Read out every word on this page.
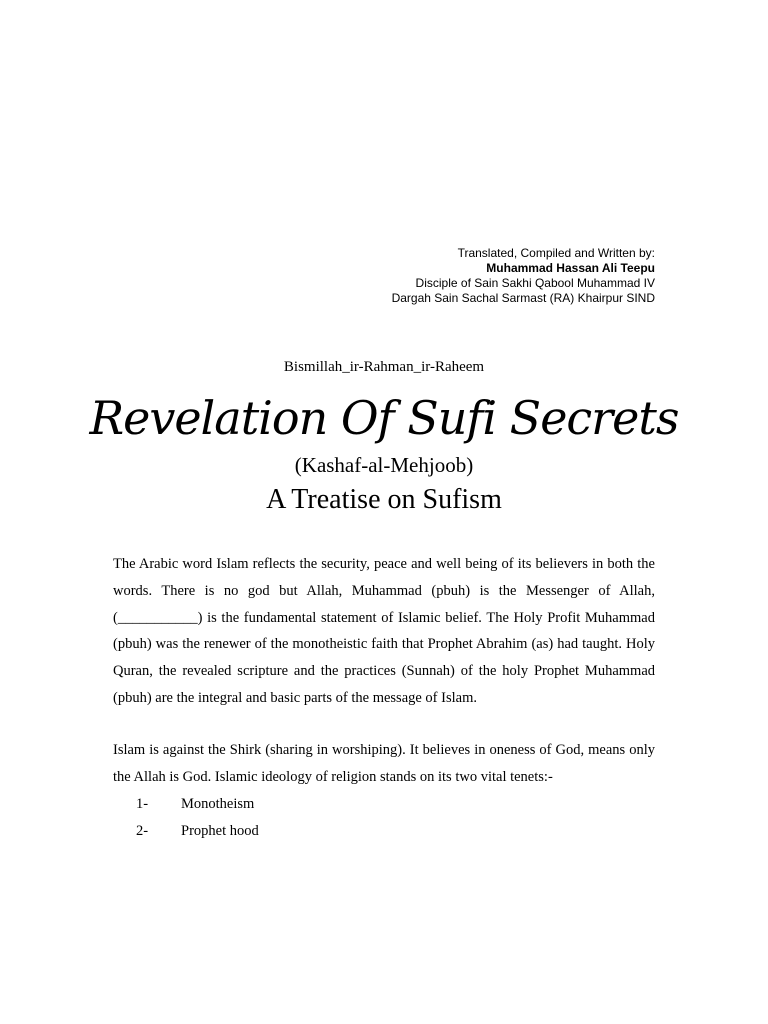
Translated, Compiled and Written by:
Muhammad Hassan Ali Teepu
Disciple of Sain Sakhi Qabool Muhammad IV
Dargah Sain Sachal Sarmast (RA) Khairpur SIND
Bismillah_ir-Rahman_ir-Raheem
Revelation Of Sufi Secrets
(Kashaf-al-Mehjoob)
A Treatise on Sufism
The Arabic word Islam reflects the security, peace and well being of its believers in both the words. There is no god but Allah, Muhammad (pbuh) is the Messenger of Allah, (___________) is the fundamental statement of Islamic belief. The Holy Profit Muhammad (pbuh) was the renewer of the monotheistic faith that Prophet Abrahim (as) had taught. Holy Quran, the revealed scripture and the practices (Sunnah) of the holy Prophet Muhammad (pbuh) are the integral and basic parts of the message of Islam.
Islam is against the Shirk (sharing in worshiping). It believes in oneness of God, means only the Allah is God. Islamic ideology of religion stands on its two vital tenets:-
1-	Monotheism
2-	Prophet hood
